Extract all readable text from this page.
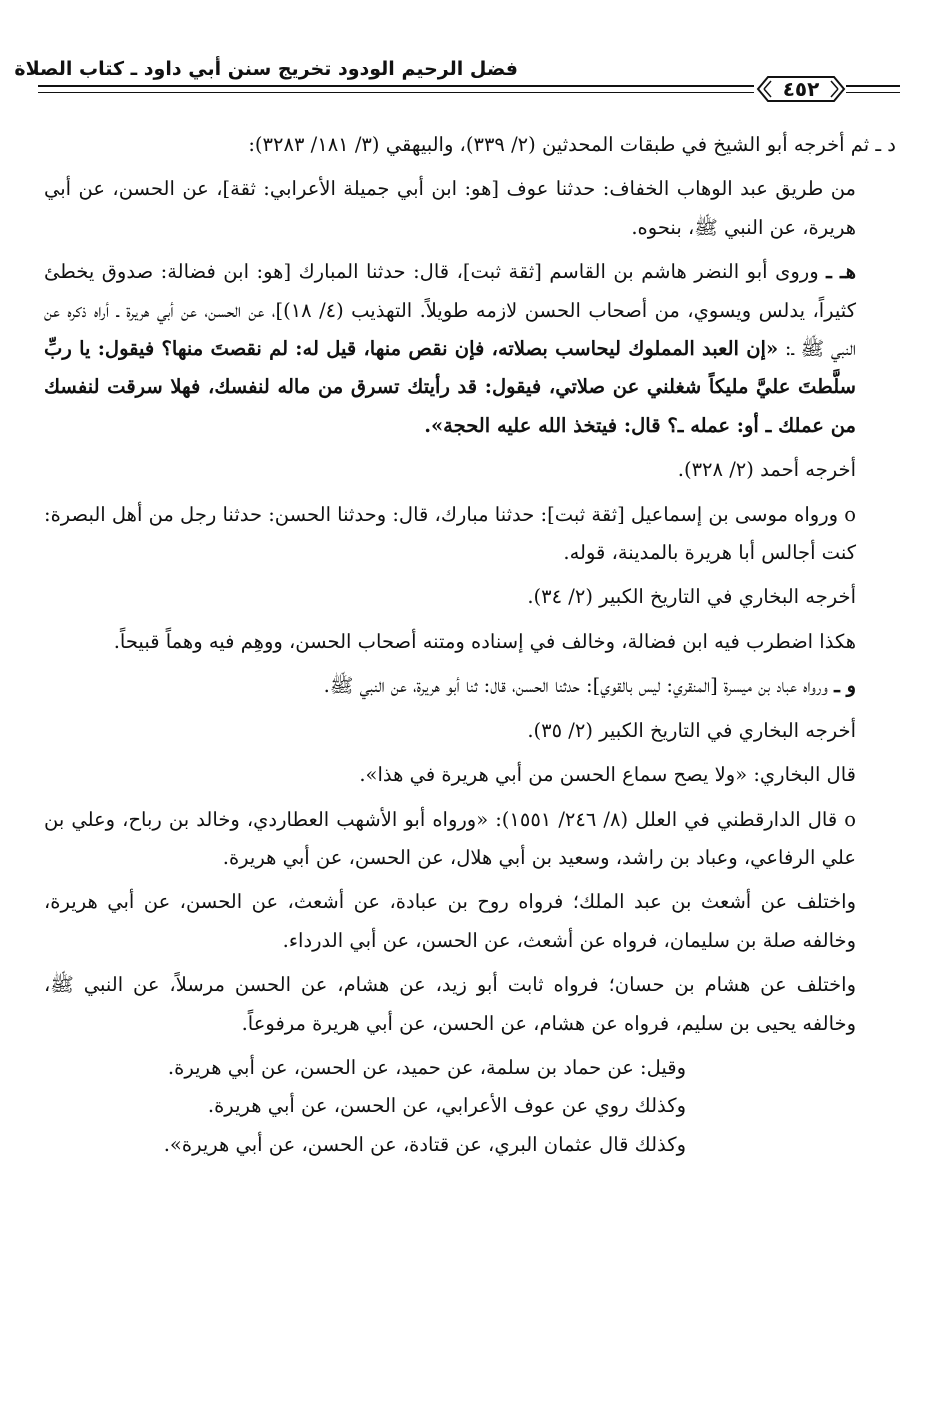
فضل الرحيم الودود تخريج سنن أبي داود ـ كتاب الصلاة
٤٥٢

د ـ ثم أخرجه أبو الشيخ في طبقات المحدثين (٢/ ٣٣٩)، والبيهقي (٣/ ١٨١/ ٣٢٨٣):

من طريق عبد الوهاب الخفاف: حدثنا عوف [هو: ابن أبي جميلة الأعرابي: ثقة]، عن الحسن، عن أبي هريرة، عن النبي ﷺ، بنحوه.

هـ ـ وروى أبو النضر هاشم بن القاسم [ثقة ثبت]، قال: حدثنا المبارك [هو: ابن فضالة: صدوق يخطئ كثيراً، يدلس ويسوي، من أصحاب الحسن لازمه طويلاً. التهذيب (٤/ ١٨)]، عن الحسن، عن أبي هريرة ـ أراه ذكره عن النبي ﷺ ـ: «إن العبد المملوك ليحاسب بصلاته، فإن نقص منها، قيل له: لم نقصتَ منها؟ فيقول: يا ربِّ سلَّطتَ عليَّ مليكاً شغلني عن صلاتي، فيقول: قد رأيتك تسرق من ماله لنفسك، فهلا سرقت لنفسك من عملك ـ أو: عمله ـ؟ قال: فيتخذ الله عليه الحجة».

أخرجه أحمد (٢/ ٣٢٨).

o ورواه موسى بن إسماعيل [ثقة ثبت]: حدثنا مبارك، قال: وحدثنا الحسن: حدثنا رجل من أهل البصرة: كنت أجالس أبا هريرة بالمدينة، قوله.

أخرجه البخاري في التاريخ الكبير (٢/ ٣٤).

هكذا اضطرب فيه ابن فضالة، وخالف في إسناده ومتنه أصحاب الحسن، ووهِم فيه وهماً قبيحاً.

و ـ ورواه عباد بن ميسرة [المنقري: ليس بالقوي]: حدثنا الحسن، قال: ثنا أبو هريرة، عن النبي ﷺ.

أخرجه البخاري في التاريخ الكبير (٢/ ٣٥).

قال البخاري: «ولا يصح سماع الحسن من أبي هريرة في هذا».

o قال الدارقطني في العلل (٨/ ٢٤٦/ ١٥٥١): «ورواه أبو الأشهب العطاردي، وخالد بن رباح، وعلي بن علي الرفاعي، وعباد بن راشد، وسعيد بن أبي هلال، عن الحسن، عن أبي هريرة.

واختلف عن أشعث بن عبد الملك؛ فرواه روح بن عبادة، عن أشعث، عن الحسن، عن أبي هريرة، وخالفه صلة بن سليمان، فرواه عن أشعث، عن الحسن، عن أبي الدرداء.

واختلف عن هشام بن حسان؛ فرواه ثابت أبو زيد، عن هشام، عن الحسن مرسلاً، عن النبي ﷺ، وخالفه يحيى بن سليم، فرواه عن هشام، عن الحسن، عن أبي هريرة مرفوعاً.

وقيل: عن حماد بن سلمة، عن حميد، عن الحسن، عن أبي هريرة.

وكذلك روي عن عوف الأعرابي، عن الحسن، عن أبي هريرة.

وكذلك قال عثمان البري، عن قتادة، عن الحسن، عن أبي هريرة».
